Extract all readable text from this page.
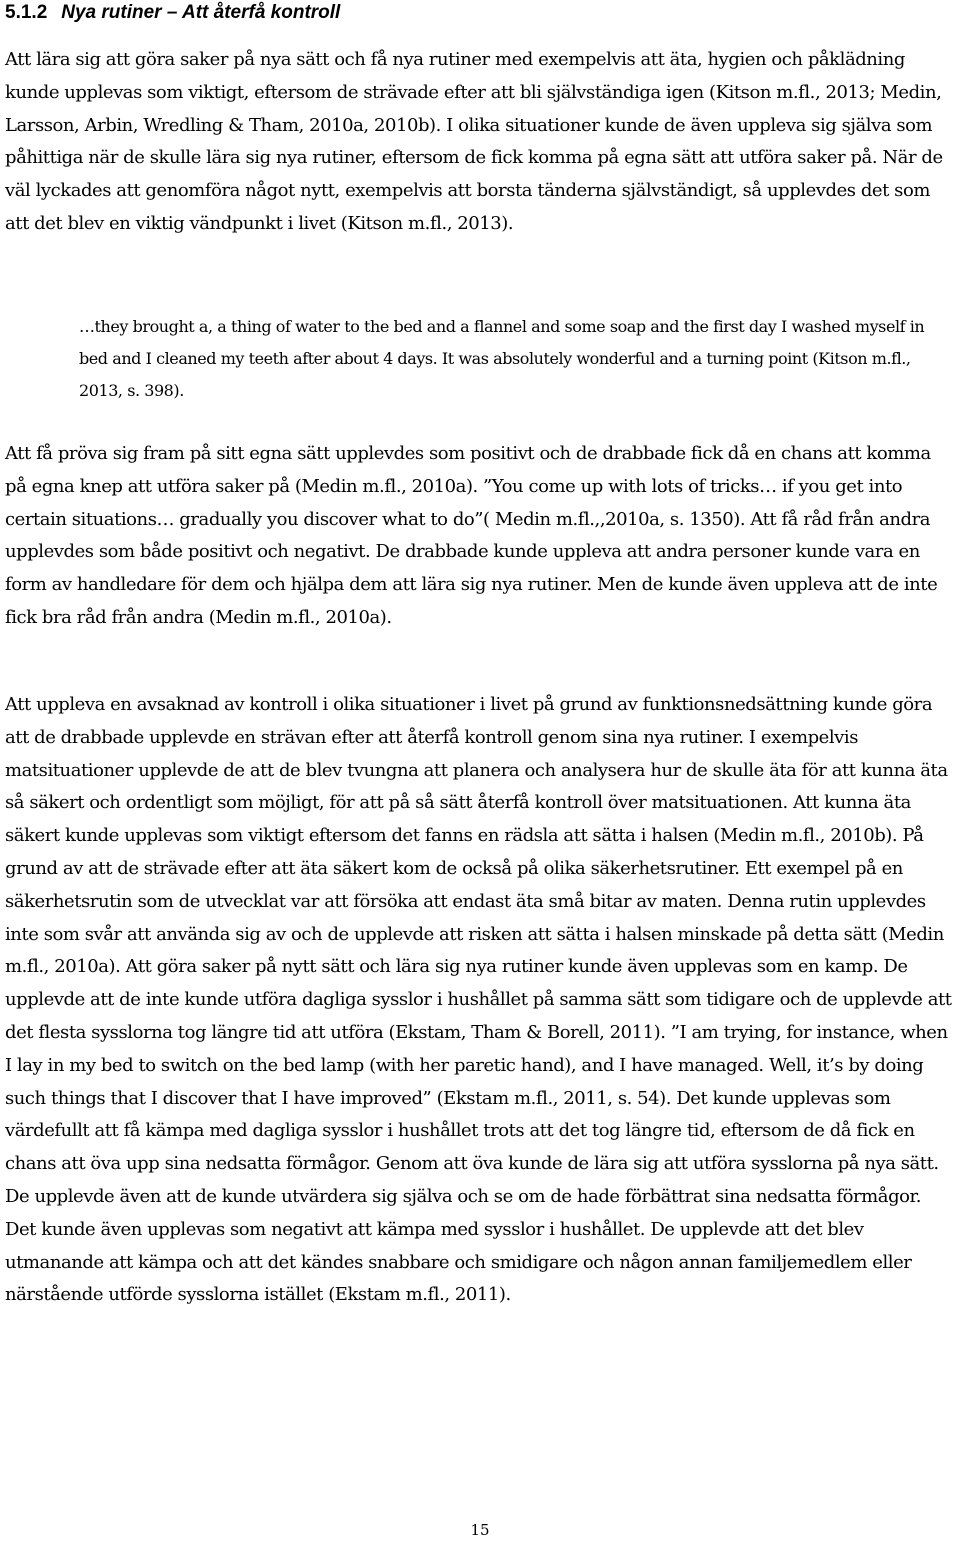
5.1.2 Nya rutiner – Att återfå kontroll

Att lära sig att göra saker på nya sätt och få nya rutiner med exempelvis att äta, hygien och påklädning kunde upplevas som viktigt, eftersom de strävade efter att bli självständiga igen (Kitson m.fl., 2013; Medin, Larsson, Arbin, Wredling & Tham, 2010a, 2010b). I olika situationer kunde de även uppleva sig själva som påhittiga när de skulle lära sig nya rutiner, eftersom de fick komma på egna sätt att utföra saker på. När de väl lyckades att genomföra något nytt, exempelvis att borsta tänderna självständigt, så upplevdes det som att det blev en viktig vändpunkt i livet (Kitson m.fl., 2013).

…they brought a, a thing of water to the bed and a flannel and some soap and the first day I washed myself in bed and I cleaned my teeth after about 4 days. It was absolutely wonderful and a turning point (Kitson m.fl., 2013, s. 398).

Att få pröva sig fram på sitt egna sätt upplevdes som positivt och de drabbade fick då en chans att komma på egna knep att utföra saker på (Medin m.fl., 2010a). ”You come up with lots of tricks… if you get into certain situations… gradually you discover what to do”( Medin m.fl.,,2010a, s. 1350). Att få råd från andra upplevdes som både positivt och negativt. De drabbade kunde uppleva att andra personer kunde vara en form av handledare för dem och hjälpa dem att lära sig nya rutiner. Men de kunde även uppleva att de inte fick bra råd från andra (Medin m.fl., 2010a).

Att uppleva en avsaknad av kontroll i olika situationer i livet på grund av funktionsnedsättning kunde göra att de drabbade upplevde en strävan efter att återfå kontroll genom sina nya rutiner. I exempelvis matsituationer upplevde de att de blev tvungna att planera och analysera hur de skulle äta för att kunna äta så säkert och ordentligt som möjligt, för att på så sätt återfå kontroll över matsituationen. Att kunna äta säkert kunde upplevas som viktigt eftersom det fanns en rädsla att sätta i halsen (Medin m.fl., 2010b). På grund av att de strävade efter att äta säkert kom de också på olika säkerhetsrutiner. Ett exempel på en säkerhetsrutin som de utvecklat var att försöka att endast äta små bitar av maten. Denna rutin upplevdes inte som svår att använda sig av och de upplevde att risken att sätta i halsen minskade på detta sätt (Medin m.fl., 2010a). Att göra saker på nytt sätt och lära sig nya rutiner kunde även upplevas som en kamp. De upplevde att de inte kunde utföra dagliga sysslor i hushållet på samma sätt som tidigare och de upplevde att det flesta sysslorna tog längre tid att utföra (Ekstam, Tham & Borell, 2011). ”I am trying, for instance, when I lay in my bed to switch on the bed lamp (with her paretic hand), and I have managed. Well, it’s by doing such things that I discover that I have improved” (Ekstam m.fl., 2011, s. 54). Det kunde upplevas som värdefullt att få kämpa med dagliga sysslor i hushållet trots att det tog längre tid, eftersom de då fick en chans att öva upp sina nedsatta förmågor. Genom att öva kunde de lära sig att utföra sysslorna på nya sätt. De upplevde även att de kunde utvärdera sig själva och se om de hade förbättrat sina nedsatta förmågor. Det kunde även upplevas som negativt att kämpa med sysslor i hushållet. De upplevde att det blev utmanande att kämpa och att det kändes snabbare och smidigare och någon annan familjemedlem eller närstående utförde sysslorna istället (Ekstam m.fl., 2011).

15
